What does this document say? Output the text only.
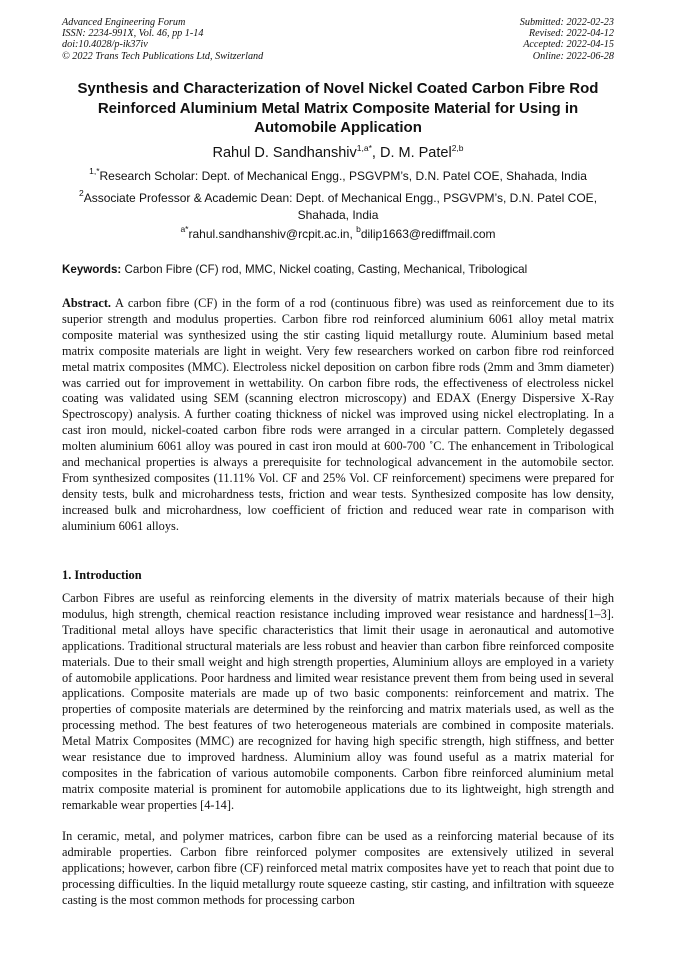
Advanced Engineering Forum
ISSN: 2234-991X, Vol. 46, pp 1-14
doi:10.4028/p-ik37iv
© 2022 Trans Tech Publications Ltd, Switzerland
Submitted: 2022-02-23
Revised: 2022-04-12
Accepted: 2022-04-15
Online: 2022-06-28
Synthesis and Characterization of Novel Nickel Coated Carbon Fibre Rod Reinforced Aluminium Metal Matrix Composite Material for Using in Automobile Application
Rahul D. Sandhanshiv$^{1,a*}$, D. M. Patel$^{2,b}$
$^{1,*}$Research Scholar: Dept. of Mechanical Engg., PSGVPM’s, D.N. Patel COE, Shahada, India
$^2$Associate Professor & Academic Dean: Dept. of Mechanical Engg., PSGVPM’s, D.N. Patel COE, Shahada, India
$^{a*}$rahul.sandhanshiv@rcpit.ac.in, $^b$dilip1663@rediffmail.com
Keywords: Carbon Fibre (CF) rod, MMC, Nickel coating, Casting, Mechanical, Tribological

Abstract. A carbon fibre (CF) in the form of a rod (continuous fibre) was used as reinforcement due to its superior strength and modulus properties. Carbon fibre rod reinforced aluminium 6061 alloy metal matrix composite material was synthesized using the stir casting liquid metallurgy route. Aluminium based metal matrix composite materials are light in weight. Very few researchers worked on carbon fibre rod reinforced metal matrix composites (MMC). Electroless nickel deposition on carbon fibre rods (2mm and 3mm diameter) was carried out for improvement in wettability. On carbon fibre rods, the effectiveness of electroless nickel coating was validated using SEM (scanning electron microscopy) and EDAX (Energy Dispersive X-Ray Spectroscopy) analysis. A further coating thickness of nickel was improved using nickel electroplating. In a cast iron mould, nickel-coated carbon fibre rods were arranged in a circular pattern. Completely degassed molten aluminium 6061 alloy was poured in cast iron mould at 600-700 ˚C. The enhancement in Tribological and mechanical properties is always a prerequisite for technological advancement in the automobile sector. From synthesized composites (11.11% Vol. CF and 25% Vol. CF reinforcement) specimens were prepared for density tests, bulk and microhardness tests, friction and wear tests. Synthesized composite has low density, increased bulk and microhardness, low coefficient of friction and reduced wear rate in comparison with aluminium 6061 alloys.

1. Introduction

Carbon Fibres are useful as reinforcing elements in the diversity of matrix materials because of their high modulus, high strength, chemical reaction resistance including improved wear resistance and hardness[1–3]. Traditional metal alloys have specific characteristics that limit their usage in aeronautical and automotive applications. Traditional structural materials are less robust and heavier than carbon fibre reinforced composite materials. Due to their small weight and high strength properties, Aluminium alloys are employed in a variety of automobile applications. Poor hardness and limited wear resistance prevent them from being used in several applications. Composite materials are made up of two basic components: reinforcement and matrix. The properties of composite materials are determined by the reinforcing and matrix materials used, as well as the processing method. The best features of two heterogeneous materials are combined in composite materials. Metal Matrix Composites (MMC) are recognized for having high specific strength, high stiffness, and better wear resistance due to improved hardness. Aluminium alloy was found useful as a matrix material for composites in the fabrication of various automobile components. Carbon fibre reinforced aluminium metal matrix composite material is prominent for automobile applications due to its lightweight, high strength and remarkable wear properties [4-14].

In ceramic, metal, and polymer matrices, carbon fibre can be used as a reinforcing material because of its admirable properties. Carbon fibre reinforced polymer composites are extensively utilized in several applications; however, carbon fibre (CF) reinforced metal matrix composites have yet to reach that point due to processing difficulties. In the liquid metallurgy route squeeze casting, stir casting, and infiltration with squeeze casting is the most common methods for processing carbon
